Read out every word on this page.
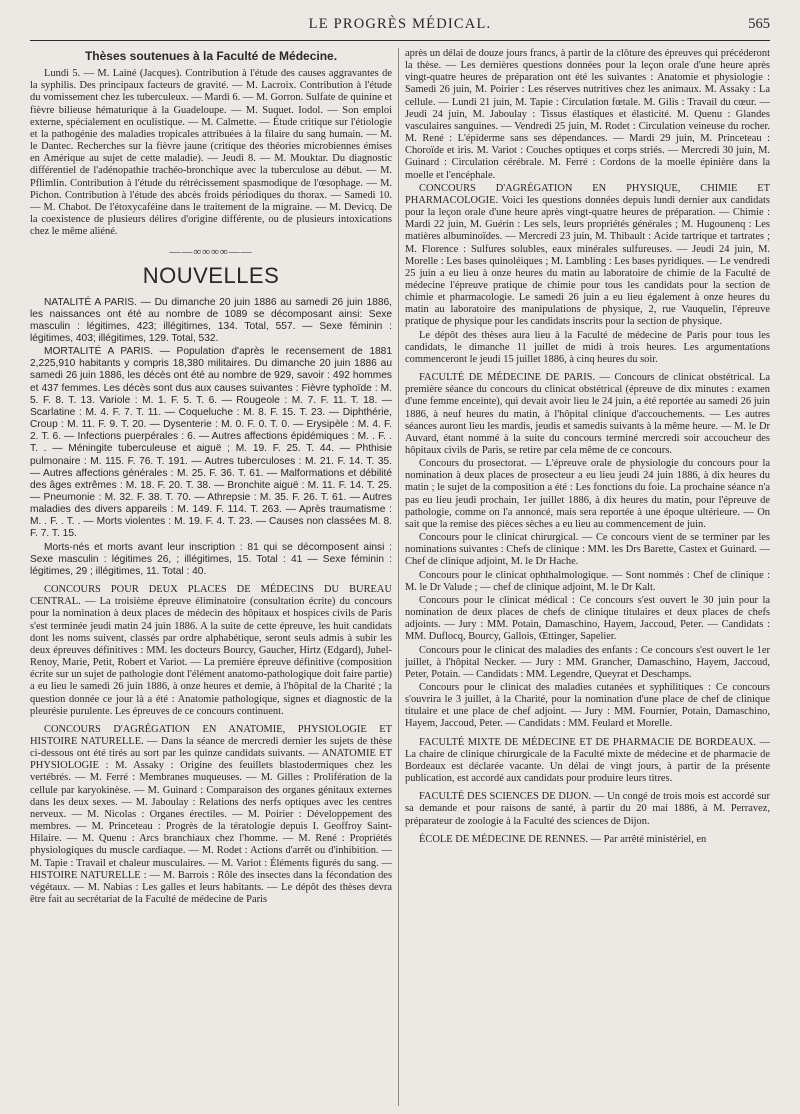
LE PROGRÈS MÉDICAL.	565
Thèses soutenues à la Faculté de Médecine.

Lundi 5. — M. Lainé (Jacques). Contribution à l'étude des causes aggravantes de la syphilis. Des principaux facteurs de gravité. — M. Lacroix. Contribution à l'étude du vomissement chez les tuberculeux. — Mardi 6. — M. Gorron. Sulfate de quinine et fièvre bilieuse hématurique à la Guadeloupe. — M. Suquet. Iodol. — Son emploi externe, spécialement en oculistique. — M. Calmette. — Étude critique sur l'étiologie et la pathogénie des maladies tropicales attribuées à la filaire du sang humain. — M. le Dantec. Recherches sur la fièvre jaune (critique des théories microbiennes émises en Amérique au sujet de cette maladie). — Jeudi 8. — M. Mouktar. Du diagnostic différentiel de l'adénopathie trachéo-bronchique avec la tuberculose au début. — M. Pflimlin. Contribution à l'étude du rétrécissement spasmodique de l'œsophage. — M. Pichon. Contribution à l'étude des abcès froids périodiques du thorax. — Samedi 10. — M. Chabot. De l'étoxycaféine dans le traitement de la migraine. — M. Devicq. De la coexistence de plusieurs délires d'origine différente, ou de plusieurs intoxications chez le même aliéné.

——∞∞∞∞——
NOUVELLES

NATALITÉ A PARIS. — Du dimanche 20 juin 1886 au samedi 26 juin 1886, les naissances ont été au nombre de 1089 se décomposant ainsi: Sexe masculin : légitimes, 423; illégitimes, 134. Total, 557. — Sexe féminin : légitimes, 403; illégitimes, 129. Total, 532.

MORTALITÉ A PARIS. — Population d'après le recensement de 1881 2,225,910 habitants y compris 18,380 militaires. Du dimanche 20 juin 1886 au samedi 26 juin 1886, les décès ont été au nombre de 929, savoir : 492 hommes et 437 femmes. Les décès sont dus aux causes suivantes : Fièvre typhoïde : M. 5. F. 8. T. 13. Variole : M. 1. F. 5. T. 6. — Rougeole : M. 7. F. 11. T. 18. — Scarlatine : M. 4. F. 7. T. 11. — Coqueluche : M. 8. F. 15. T. 23. — Diphthérie, Croup : M. 11. F. 9. T. 20. — Dysenterie : M. 0. F. 0. T. 0. — Erysipèle : M. 4. F. 2. T. 6. — Infections puerpérales : 6. — Autres affections épidémiques : M. . F. . T. . — Méningite tuberculeuse et aiguë ; M. 19. F. 25. T. 44. — Phthisie pulmonaire : M. 115. F. 76. T. 191. — Autres tuberculoses : M. 21. F. 14. T. 35. — Autres affections générales : M. 25. F. 36. T. 61. — Malformations et débilité des âges extrêmes : M. 18. F. 20. T. 38. — Bronchite aiguë : M. 11. F. 14. T. 25. — Pneumonie : M. 32. F. 38. T. 70. — Athrepsie : M. 35. F. 26. T. 61. — Autres maladies des divers appareils : M. 149. F. 114. T. 263. — Après traumatisme : M. . F. . T. . — Morts violentes : M. 19. F. 4. T. 23. — Causes non classées M. 8. F. 7. T. 15.

Morts-nés et morts avant leur inscription : 81 qui se décomposent ainsi : Sexe masculin : légitimes 26, ; illégitimes, 15. Total : 41 — Sexe féminin : légitimes, 29 ; illégitimes, 11. Total : 40.

CONCOURS POUR DEUX PLACES DE MÉDECINS DU BUREAU CENTRAL. — La troisième épreuve éliminatoire (consultation écrite) du concours pour la nomination à deux places de médecin des hôpitaux et hospices civils de Paris s'est terminée jeudi matin 24 juin 1886. A la suite de cette épreuve, les huit candidats dont les noms suivent, classés par ordre alphabétique, seront seuls admis à subir les deux épreuves définitives : MM. les docteurs Bourcy, Gaucher, Hirtz (Edgard), Juhel-Renoy, Marie, Petit, Robert et Variot. — La première épreuve définitive (composition écrite sur un sujet de pathologie dont l'élément anatomo-pathologique doit faire partie) a eu lieu le samedi 26 juin 1886, à onze heures et demie, à l'hôpital de la Charité ; la question donnée ce jour là a été : Anatomie pathologique, signes et diagnostic de la pleurésie purulente. Les épreuves de ce concours continuent.

CONCOURS D'AGRÉGATION EN ANATOMIE, PHYSIOLOGIE ET HISTOIRE NATURELLE. — Dans la séance de mercredi dernier les sujets de thèse ci-dessous ont été tirés au sort par les quinze candidats suivants. — ANATOMIE ET PHYSIOLOGIE : M. Assaky : Origine des feuillets blastodermiques chez les vertébrés. — M. Ferré : Membranes muqueuses. — M. Gilles : Prolifération de la cellule par karyokinèse. — M. Guinard : Comparaison des organes génitaux externes dans les deux sexes. — M. Jaboulay : Relations des nerfs optiques avec les centres nerveux. — M. Nicolas : Organes érectiles. — M. Poirier : Développement des membres. — M. Princeteau : Progrès de la tératologie depuis I. Geoffroy Saint-Hilaire. — M. Quenu : Arcs branchiaux chez l'homme. — M. René : Propriétés physiologiques du muscle cardiaque. — M. Rodet : Actions d'arrêt ou d'inhibition. — M. Tapie : Travail et chaleur musculaires. — M. Variot : Éléments figurés du sang. — HISTOIRE NATURELLE : — M. Barrois : Rôle des insectes dans la fécondation des végétaux. — M. Nabias : Les galles et leurs habitants. — Le dépôt des thèses devra être fait au secrétariat de la Faculté de médecine de Paris

après un délai de douze jours francs, à partir de la clôture des épreuves qui précéderont la thèse. — Les dernières questions données pour la leçon orale d'une heure après vingt-quatre heures de préparation ont été les suivantes : Anatomie et physiologie : Samedi 26 juin, M. Poirier : Les réserves nutritives chez les animaux. M. Assaky : La cellule. — Lundi 21 juin, M. Tapie : Circulation fœtale. M. Gilis : Travail du cœur. — Jeudi 24 juin, M. Jaboulay : Tissus élastiques et élasticité. M. Quenu : Glandes vasculaires sanguines. — Vendredi 25 juin, M. Rodet : Circulation veineuse du rocher. M. René : L'épiderme sans ses dépendances. — Mardi 29 juin, M. Princeteau : Choroïde et iris. M. Variot : Couches optiques et corps striés. — Mercredi 30 juin, M. Guinard : Circulation cérébrale. M. Ferré : Cordons de la moelle épinière dans la moelle et l'encéphale.

CONCOURS D'AGRÉGATION EN PHYSIQUE, CHIMIE ET PHARMACOLOGIE. Voici les questions données depuis lundi dernier aux candidats pour la leçon orale d'une heure après vingt-quatre heures de préparation. — Chimie : Mardi 22 juin, M. Guérin : Les sels, leurs propriétés générales ; M. Hugounenq : Les matières albuminoïdes. — Mercredi 23 juin, M. Thibault : Acide tartrique et tartrates ; M. Florence : Sulfures solubles, eaux minérales sulfureuses. — Jeudi 24 juin, M. Morelle : Les bases quinoléiques ; M. Lambling : Les bases pyridiques. — Le vendredi 25 juin a eu lieu à onze heures du matin au laboratoire de chimie de la Faculté de médecine l'épreuve pratique de chimie pour tous les candidats pour la section de chimie et pharmacologie. Le samedi 26 juin a eu lieu également à onze heures du matin au laboratoire des manipulations de physique, 2, rue Vauquelin, l'épreuve pratique de physique pour les candidats inscrits pour la section de physique.

Le dépôt des thèses aura lieu à la Faculté de médecine de Paris pour tous les candidats, le dimanche 11 juillet de midi à trois heures. Les argumentations commenceront le jeudi 15 juillet 1886, à cinq heures du soir.

FACULTÉ DE MÉDECINE DE PARIS. — Concours de clinicat obstétrical. La première séance du concours du clinicat obstétrical (épreuve de dix minutes : examen d'une femme enceinte), qui devait avoir lieu le 24 juin, a été reportée au samedi 26 juin 1886, à neuf heures du matin, à l'hôpital clinique d'accouchements. — Les autres séances auront lieu les mardis, jeudis et samedis suivants à la même heure. — M. le Dr Auvard, étant nommé à la suite du concours terminé mercredi soir accoucheur des hôpitaux civils de Paris, se retire par cela même de ce concours.

Concours du prosectorat. — L'épreuve orale de physiologie du concours pour la nomination à deux places de prosecteur a eu lieu jeudi 24 juin 1886, à dix heures du matin ; le sujet de la composition a été : Les fonctions du foie. La prochaine séance n'a pas eu lieu jeudi prochain, 1er juillet 1886, à dix heures du matin, pour l'épreuve de pathologie, comme on l'a annoncé, mais sera reportée à une époque ultérieure. — On sait que la remise des pièces sèches a eu lieu au commencement de juin.

Concours pour le clinicat chirurgical. — Ce concours vient de se terminer par les nominations suivantes : Chefs de clinique : MM. les Drs Barette, Castex et Guinard. — Chef de clinique adjoint, M. le Dr Hache.

Concours pour le clinicat ophthalmologique. — Sont nommés : Chef de clinique : M. le Dr Valude ; — chef de clinique adjoint, M. le Dr Kalt.

Concours pour le clinicat médical : Ce concours s'est ouvert le 30 juin pour la nomination de deux places de chefs de clinique titulaires et deux places de chefs adjoints. — Jury : MM. Potain, Damaschino, Hayem, Jaccoud, Peter. — Candidats : MM. Duflocq, Bourcy, Gallois, Œttinger, Sapelier.

Concours pour le clinicat des maladies des enfants : Ce concours s'est ouvert le 1er juillet, à l'hôpital Necker. — Jury : MM. Grancher, Damaschino, Hayem, Jaccoud, Peter, Potain. — Candidats : MM. Legendre, Queyrat et Deschamps.

Concours pour le clinicat des maladies cutanées et syphilitiques : Ce concours s'ouvrira le 3 juillet, à la Charité, pour la nomination d'une place de chef de clinique titulaire et une place de chef adjoint. — Jury : MM. Fournier, Potain, Damaschino, Hayem, Jaccoud, Peter. — Candidats : MM. Feulard et Morelle.

FACULTÉ MIXTE DE MÉDECINE ET DE PHARMACIE DE BORDEAUX. — La chaire de clinique chirurgicale de la Faculté mixte de médecine et de pharmacie de Bordeaux est déclarée vacante. Un délai de vingt jours, à partir de la présente publication, est accordé aux candidats pour produire leurs titres.

FACULTÉ DES SCIENCES DE DIJON. — Un congé de trois mois est accordé sur sa demande et pour raisons de santé, à partir du 20 mai 1886, à M. Perravez, préparateur de zoologie à la Faculté des sciences de Dijon.

ÉCOLE DE MÉDECINE DE RENNES. — Par arrêté ministériel, en
